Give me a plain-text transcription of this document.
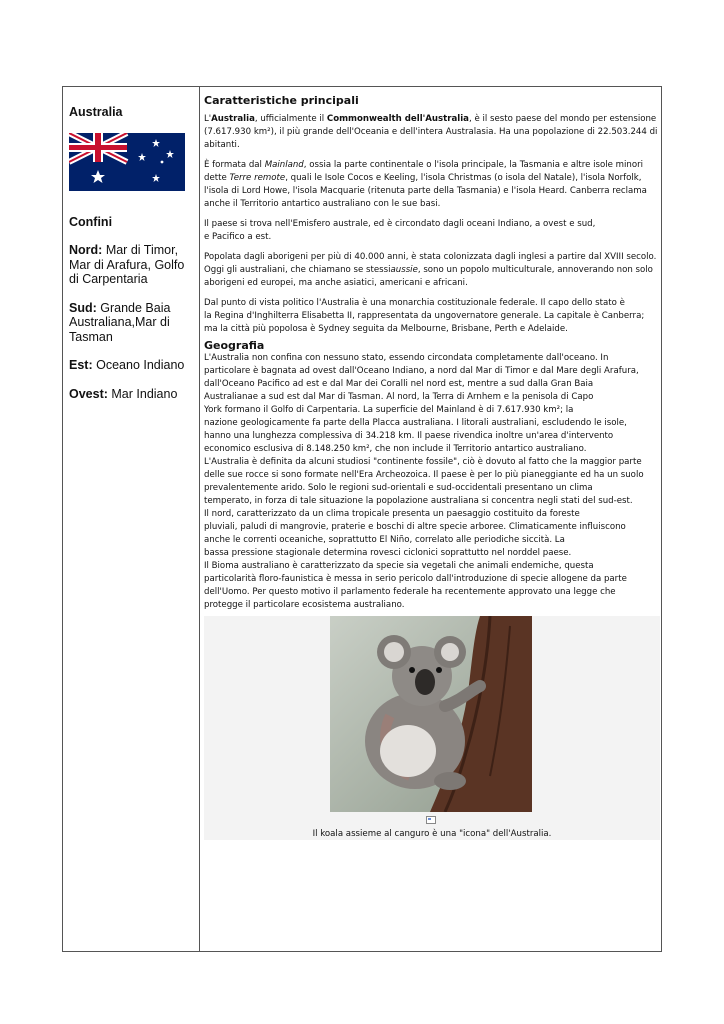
Australia

Confini
Nord: Mar di Timor, Mar di Arafura, Golfo di Carpentaria
Sud: Grande Baia Australiana,Mar di Tasman
Est: Oceano Indiano
Ovest: Mar Indiano
Caratteristiche principali

L'Australia, ufficialmente il Commonwealth dell'Australia, è il sesto paese del mondo per estensione (7.617.930 km²), il più grande dell'Oceania e dell'intera Australasia. Ha una popolazione di 22.503.244 di abitanti.

È formata dal Mainland, ossia la parte continentale o l'isola principale, la Tasmania e altre isole minori dette Terre remote, quali le Isole Cocos e Keeling, l'isola Christmas (o isola del Natale), l'isola Norfolk, l'isola di Lord Howe, l'isola Macquarie (ritenuta parte della Tasmania) e l'isola Heard. Canberra reclama anche il Territorio antartico australiano con le sue basi.

Il paese si trova nell'Emisfero australe, ed è circondato dagli oceani Indiano, a ovest e sud,
e Pacifico a est.

Popolata dagli aborigeni per più di 40.000 anni, è stata colonizzata dagli inglesi a partire dal XVIII secolo. Oggi gli australiani, che chiamano se stessiaussie, sono un popolo multiculturale, annoverando non solo aborigeni ed europei, ma anche asiatici, americani e africani.

Dal punto di vista politico l'Australia è una monarchia costituzionale federale. Il capo dello stato è
la Regina d'Inghilterra Elisabetta II, rappresentata da ungovernatore generale. La capitale è Canberra;
ma la città più popolosa è Sydney seguita da Melbourne, Brisbane, Perth e Adelaide.

Geografia
L'Australia non confina con nessuno stato, essendo circondata completamente dall'oceano. In
particolare è bagnata ad ovest dall'Oceano Indiano, a nord dal Mar di Timor e dal Mare degli Arafura,
dall'Oceano Pacifico ad est e dal Mar dei Coralli nel nord est, mentre a sud dalla Gran Baia
Australianae a sud est dal Mar di Tasman. Al nord, la Terra di Arnhem e la penisola di Capo
York formano il Golfo di Carpentaria. La superficie del Mainland è di 7.617.930 km²; la
nazione geologicamente fa parte della Placca australiana. I litorali australiani, escludendo le isole,
hanno una lunghezza complessiva di 34.218 km. Il paese rivendica inoltre un'area d'intervento
economico esclusiva di 8.148.250 km², che non include il Territorio antartico australiano.
L'Australia è definita da alcuni studiosi "continente fossile", ciò è dovuto al fatto che la maggior parte
delle sue rocce si sono formate nell'Era Archeozoica. Il paese è per lo più pianeggiante ed ha un suolo
prevalentemente arido. Solo le regioni sud-orientali e sud-occidentali presentano un clima
temperato, in forza di tale situazione la popolazione australiana si concentra negli stati del sud-est.
Il nord, caratterizzato da un clima tropicale presenta un paesaggio costituito da foreste
pluviali, paludi di mangrovie, praterie e boschi di altre specie arboree. Climaticamente influiscono
anche le correnti oceaniche, soprattutto El Niño, correlato alle periodiche siccità. La
bassa pressione stagionale determina rovesci ciclonici soprattutto nel norddel paese.
Il Bioma australiano è caratterizzato da specie sia vegetali che animali endemiche, questa
particolarità floro-faunistica è messa in serio pericolo dall'introduzione di specie allogene da parte
dell'Uomo. Per questo motivo il parlamento federale ha recentemente approvato una legge che
protegge il particolare ecosistema australiano.
Il koala assieme al canguro è una "icona" dell'Australia.
